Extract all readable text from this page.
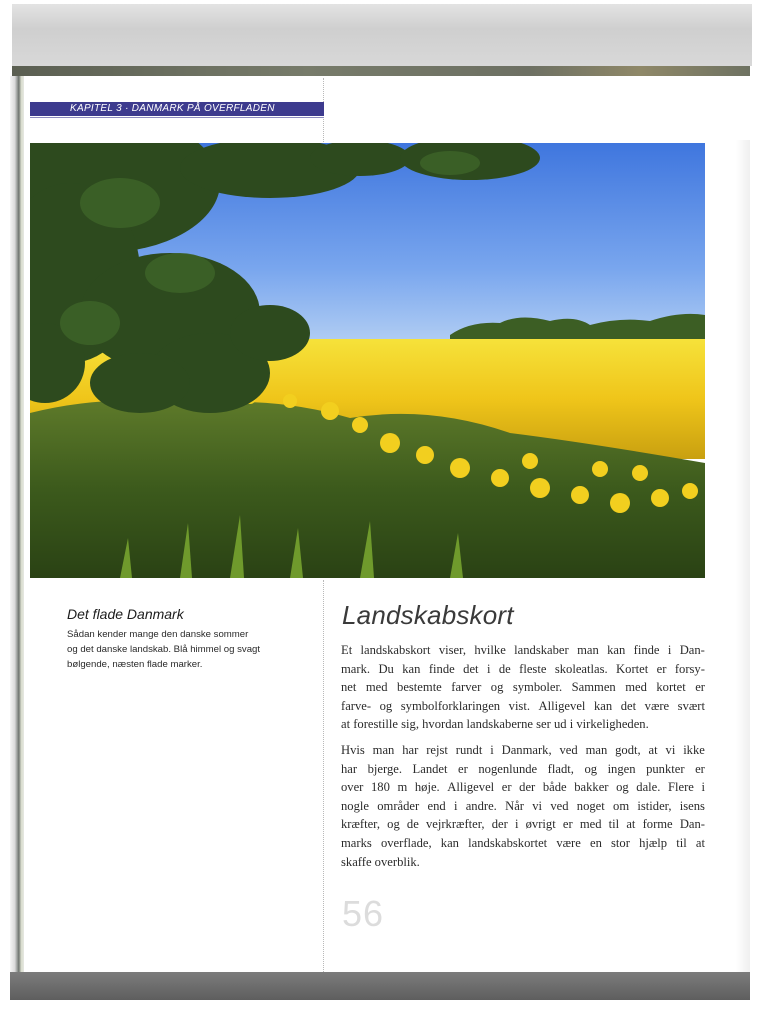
KAPITEL 3 · DANMARK PÅ OVERFLADEN
Det flade Danmark
Sådan kender mange den danske sommer
og det danske landskab. Blå himmel og svagt
bølgende, næsten flade marker.
Landskabskort
Et landskabskort viser, hvilke landskaber man kan finde i Dan-
mark. Du kan finde det i de fleste skoleatlas. Kortet er forsy-
net med bestemte farver og symboler. Sammen med kortet er
farve- og symbolforklaringen vist. Alligevel kan det være svært
at forestille sig, hvordan landskaberne ser ud i virkeligheden.
Hvis man har rejst rundt i Danmark, ved man godt, at vi ikke
har bjerge. Landet er nogenlunde fladt, og ingen punkter er
over 180 m høje. Alligevel er der både bakker og dale. Flere i
nogle områder end i andre. Når vi ved noget om istider, isens
kræfter, og de vejrkræfter, der i øvrigt er med til at forme Dan-
marks overflade, kan landskabskortet være en stor hjælp til at
skaffe overblik.
56
